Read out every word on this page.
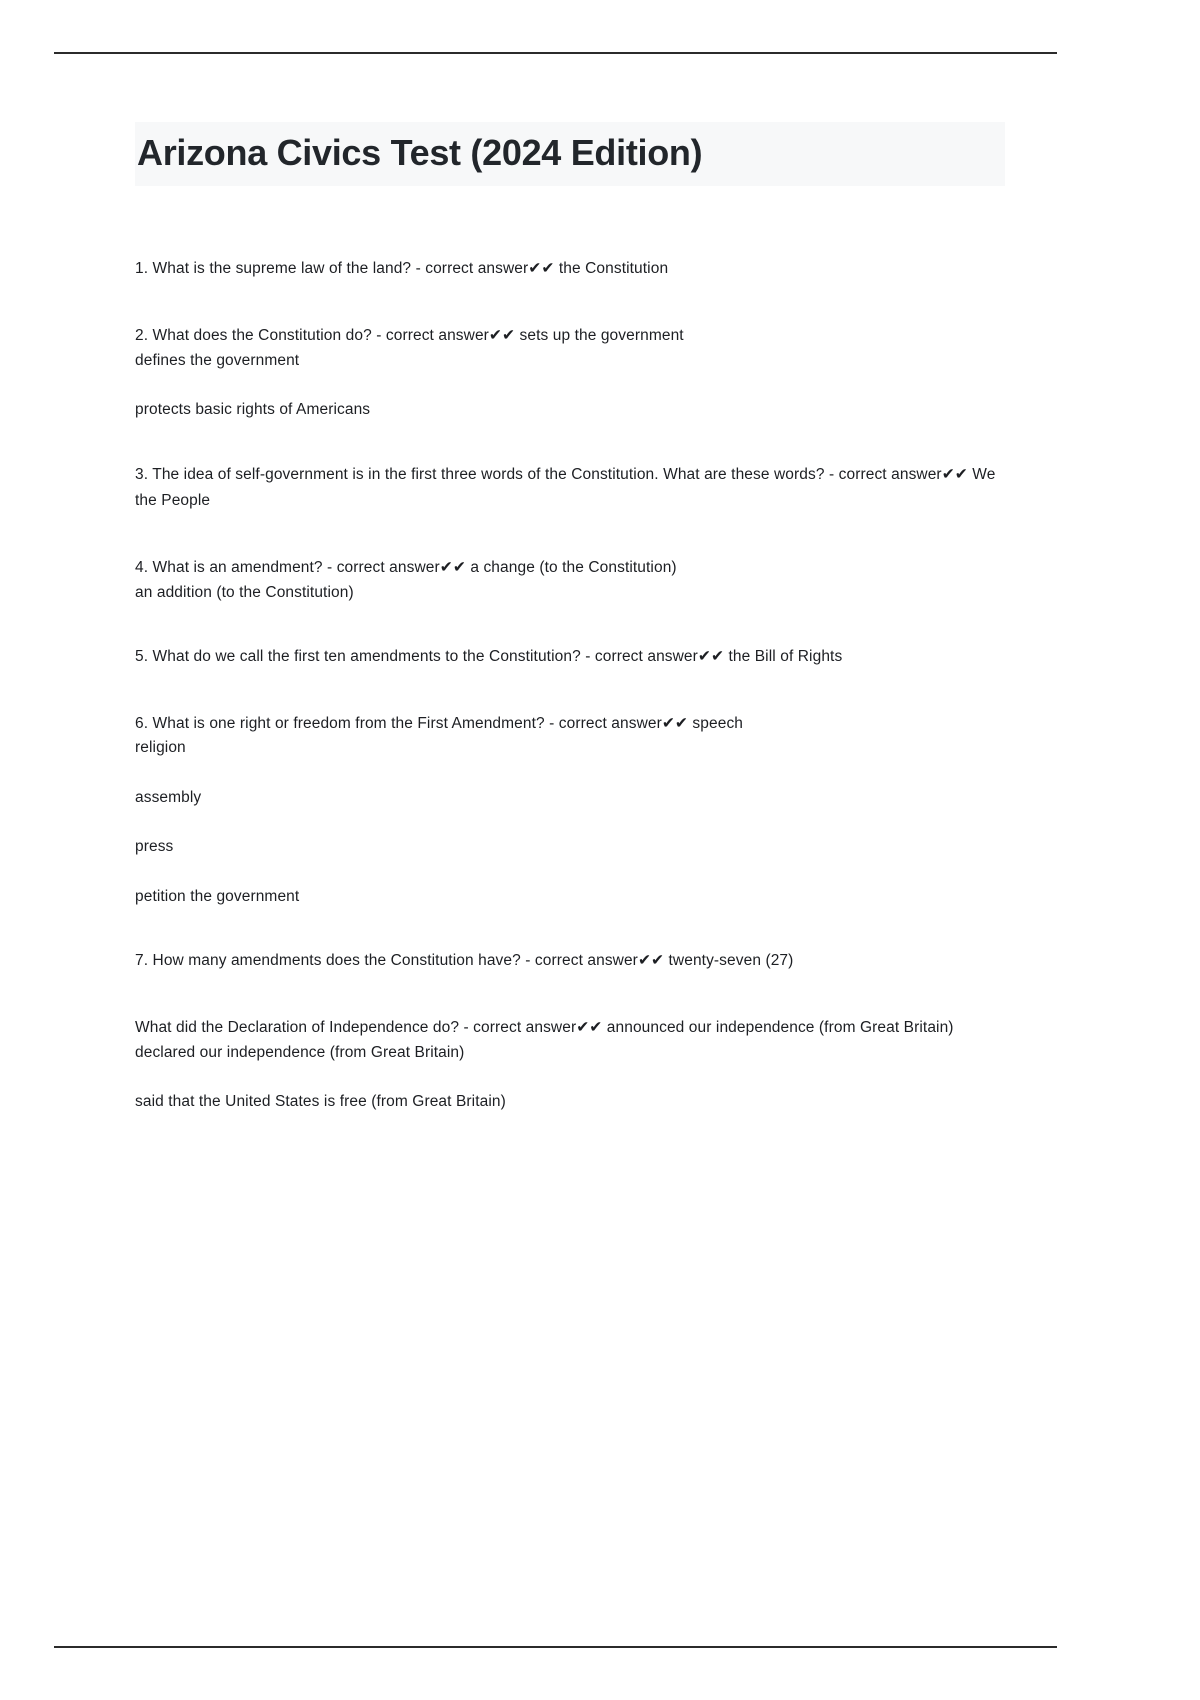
Arizona Civics Test (2024 Edition)

1. What is the supreme law of the land? - correct answer✔✔ the Constitution

2. What does the Constitution do? - correct answer✔✔ sets up the government

defines the government

protects basic rights of Americans

3. The idea of self-government is in the first three words of the Constitution. What are these words? - correct answer✔✔ We the People

4. What is an amendment? - correct answer✔✔ a change (to the Constitution)

an addition (to the Constitution)

5. What do we call the first ten amendments to the Constitution? - correct answer✔✔ the Bill of Rights

6. What is one right or freedom from the First Amendment? - correct answer✔✔ speech

religion

assembly

press

petition the government

7. How many amendments does the Constitution have? - correct answer✔✔ twenty-seven (27)

What did the Declaration of Independence do? - correct answer✔✔ announced our independence (from Great Britain)

declared our independence (from Great Britain)

said that the United States is free (from Great Britain)
